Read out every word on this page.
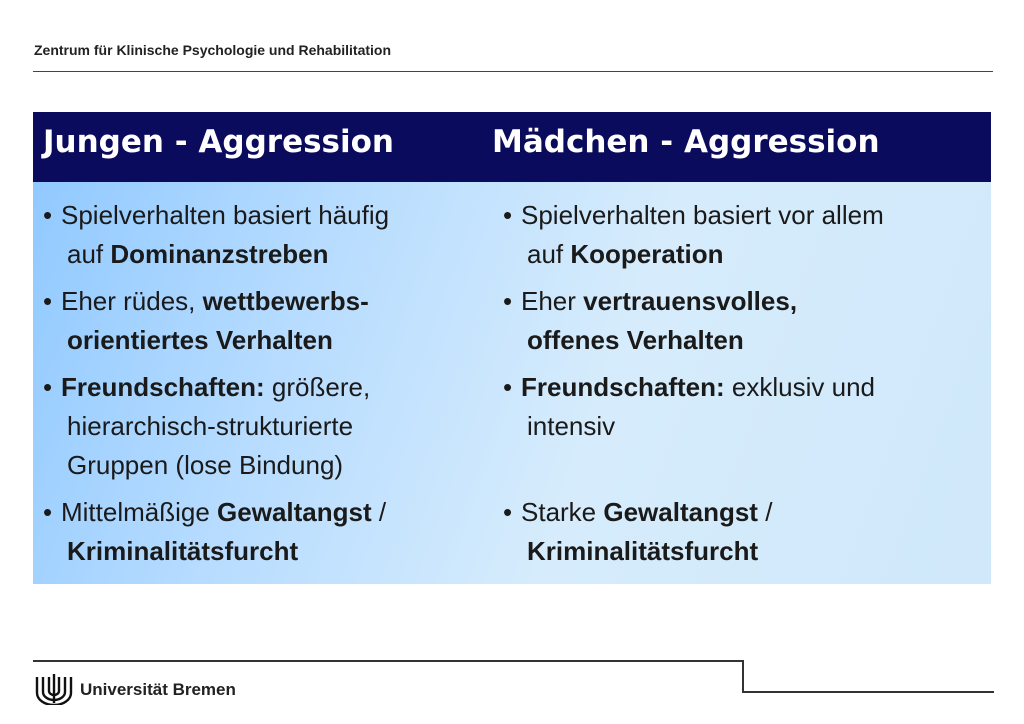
Zentrum für Klinische Psychologie und Rehabilitation
Jungen - Aggression	Mädchen - Aggression
• Spielverhalten basiert häufig
auf Dominanzstreben
• Eher rüdes, wettbewerbs-
orientiertes Verhalten
• Freundschaften: größere,
hierarchisch-strukturierte
Gruppen (lose Bindung)
• Mittelmäßige Gewaltangst /
Kriminalitätsfurcht
• Spielverhalten basiert vor allem
auf Kooperation
• Eher vertrauensvolles,
offenes Verhalten
• Freundschaften: exklusiv und
intensiv
• Starke Gewaltangst /
Kriminalitätsfurcht
Universität Bremen
